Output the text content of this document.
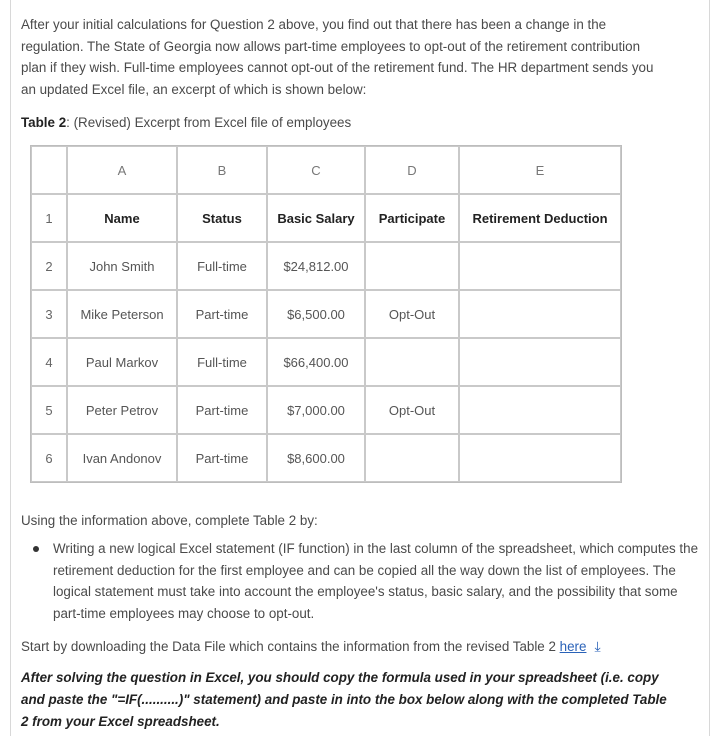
After your initial calculations for Question 2 above, you find out that there has been a change in the regulation. The State of Georgia now allows part-time employees to opt-out of the retirement contribution plan if they wish. Full-time employees cannot opt-out of the retirement fund. The HR department sends you an updated Excel file, an excerpt of which is shown below:

Table 2: (Revised) Excerpt from Excel file of employees

	A	B	C	D	E
1	Name	Status	Basic Salary	Participate	Retirement Deduction
2	John Smith	Full-time	$24,812.00		
3	Mike Peterson	Part-time	$6,500.00	Opt-Out	
4	Paul Markov	Full-time	$66,400.00		
5	Peter Petrov	Part-time	$7,000.00	Opt-Out	
6	Ivan Andonov	Part-time	$8,600.00		

Using the information above, complete Table 2 by:

Writing a new logical Excel statement (IF function) in the last column of the spreadsheet, which computes the retirement deduction for the first employee and can be copied all the way down the list of employees. The logical statement must take into account the employee's status, basic salary, and the possibility that some part-time employees may choose to opt-out.

Start by downloading the Data File which contains the information from the revised Table 2 here ⤓

After solving the question in Excel, you should copy the formula used in your spreadsheet (i.e. copy and paste the "=IF(..........)" statement) and paste in into the box below along with the completed Table 2 from your Excel spreadsheet.
